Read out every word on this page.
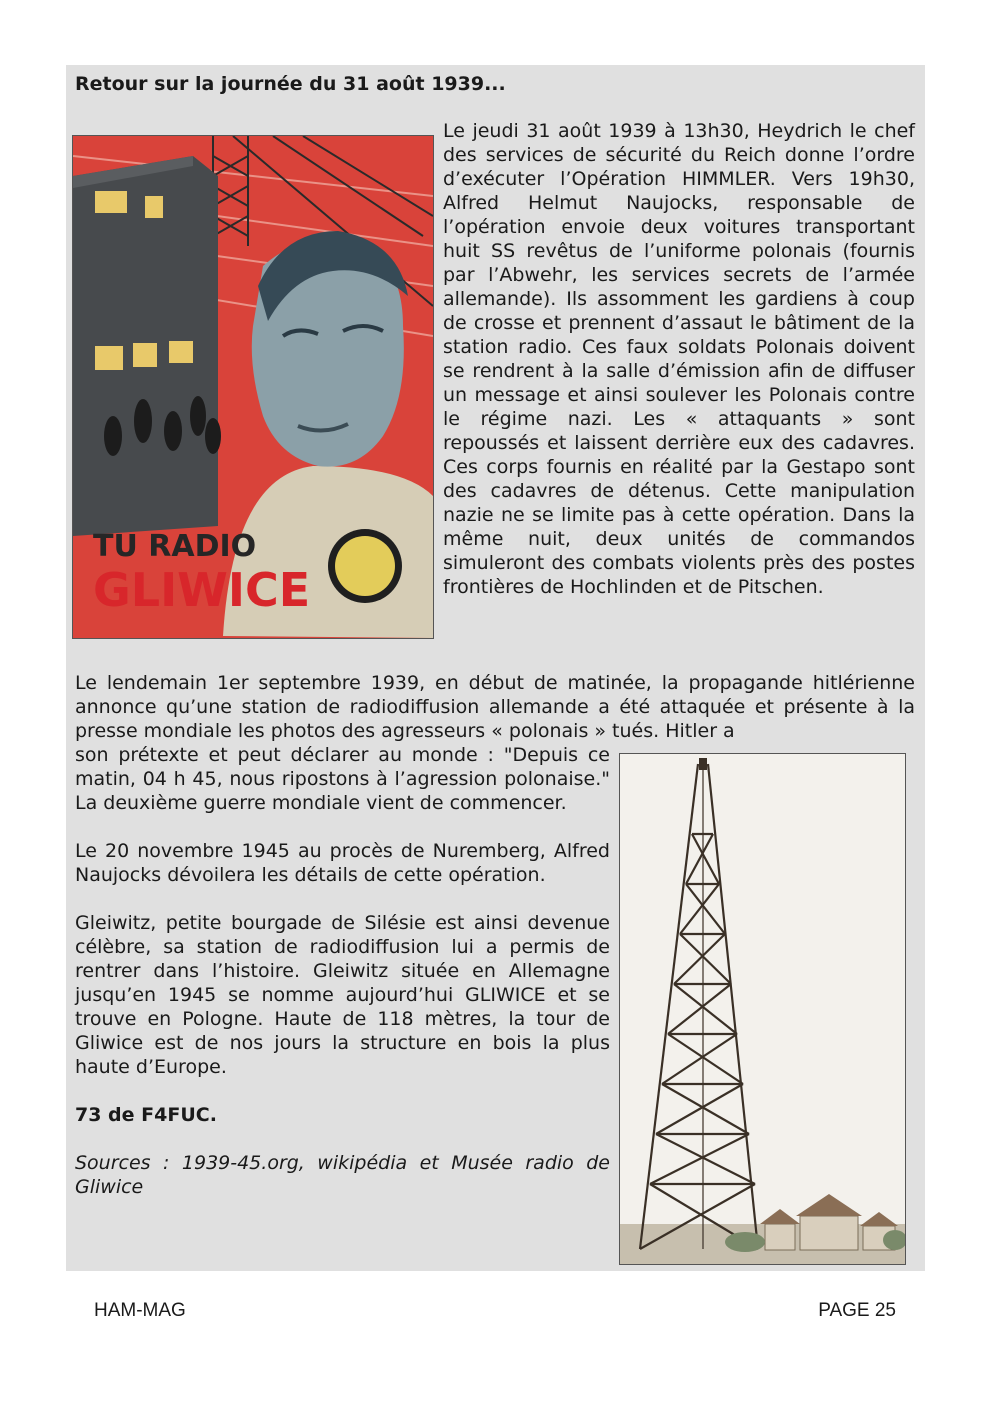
Retour sur la journée du 31 août 1939...
TU RADIO
GLIWICE

Le jeudi 31 août 1939 à 13h30, Heydrich le chef des services de sécurité du Reich donne l’ordre d’exécuter l’Opération HIMMLER. Vers 19h30, Alfred Helmut Naujocks, responsable de l’opération envoie deux voitures transportant huit SS revêtus de l’uniforme polonais (fournis par l’Abwehr, les services secrets de l’armée allemande). Ils assomment les gardiens à coup de crosse et prennent d’assaut le bâtiment de la station radio. Ces faux soldats Polonais doivent se rendrent à la salle d’émission afin de diffuser un message et ainsi soulever les Polonais contre le régime nazi. Les « attaquants » sont repoussés et laissent derrière eux des cadavres. Ces corps fournis en réalité par la Gestapo sont des cadavres de détenus. Cette manipulation nazie ne se limite pas à cette opération. Dans la même nuit, deux unités de commandos simuleront des combats violents près des postes frontières de Hochlinden et de Pitschen.

Le lendemain 1er septembre 1939, en début de matinée, la propagande hitlérienne annonce qu’une station de radiodiffusion allemande a été attaquée et présente à la presse mondiale les photos des agresseurs « polonais » tués. Hitler a

son prétexte et peut déclarer au monde : "Depuis ce matin, 04 h 45, nous ripostons à l’agression polonaise." La deuxième guerre mondiale vient de commencer.

Le 20 novembre 1945 au procès de Nuremberg, Alfred Naujocks dévoilera les détails de cette opération.

Gleiwitz, petite bourgade de Silésie est ainsi devenue célèbre, sa station de radiodiffusion lui a permis de rentrer dans l’histoire. Gleiwitz située en Allemagne jusqu’en 1945 se nomme aujourd’hui GLIWICE et se trouve en Pologne. Haute de 118 mètres, la tour de Gliwice est de nos jours la structure en bois la plus haute d’Europe.

73 de F4FUC.

Sources : 1939-45.org, wikipédia et Musée radio de Gliwice

HAM-MAG	PAGE 25
